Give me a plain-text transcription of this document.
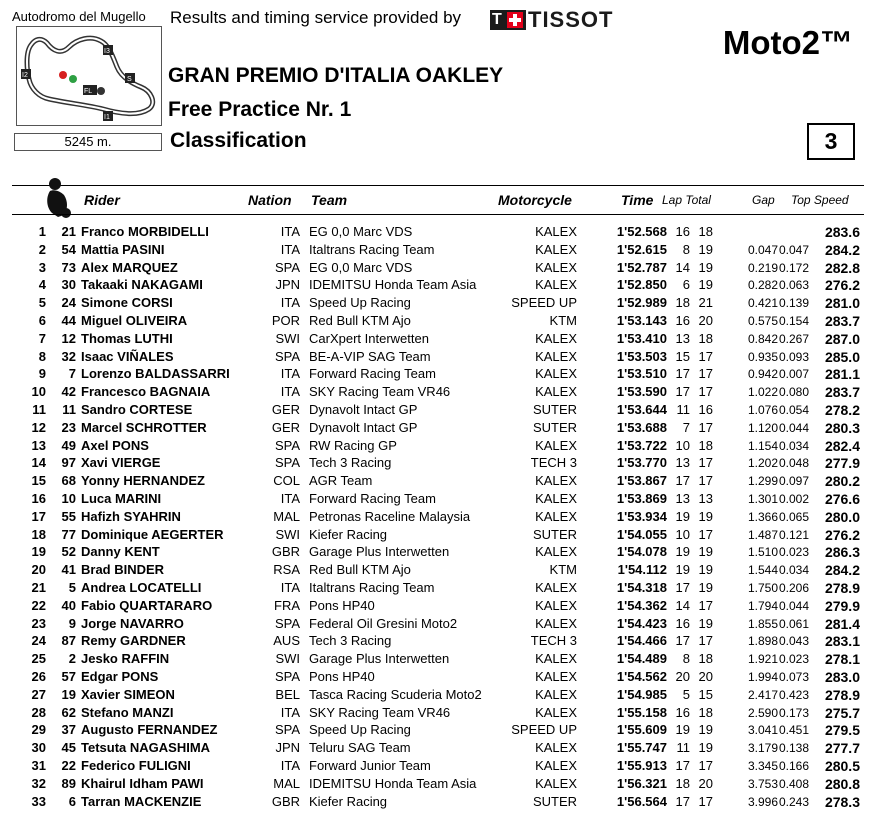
Autodromo del Mugello
I3
I2
S
FL
I1
5245 m.
Results and timing service provided by T TISSOT
Moto2™
GRAN PREMIO D'ITALIA OAKLEY
Free Practice Nr. 1
Classification	3
Rider	Nation Team	Motorcycle	Time Lap Total	Gap Top Speed
1	21 Franco MORBIDELLI	ITA EG 0,0 Marc VDS	KALEX	1'52.568 16 18	283.6
2	54 Mattia PASINI	ITA Italtrans Racing Team	KALEX	1'52.615	8 19	0.047 0.047	284.2
3	73 Alex MARQUEZ	SPA EG 0,0 Marc VDS	KALEX	1'52.787 14 19	0.219 0.172	282.8
4	30 Takaaki NAKAGAMI	JPN IDEMITSU Honda Team Asia	KALEX	1'52.850	6 19	0.282 0.063	276.2
5	24 Simone CORSI	ITA Speed Up Racing	SPEED UP	1'52.989 18 21	0.421 0.139	281.0
6	44 Miguel OLIVEIRA	POR Red Bull KTM Ajo	KTM	1'53.143 16 20	0.575 0.154	283.7
7	12 Thomas LUTHI	SWI CarXpert Interwetten	KALEX	1'53.410 13 18	0.842 0.267	287.0
8	32 Isaac VIÑALES	SPA BE-A-VIP SAG Team	KALEX	1'53.503 15 17	0.935 0.093	285.0
9	7 Lorenzo BALDASSARRI	ITA Forward Racing Team	KALEX	1'53.510 17 17	0.942 0.007	281.1
10	42 Francesco BAGNAIA	ITA SKY Racing Team VR46	KALEX	1'53.590 17 17	1.022 0.080	283.7
11	11 Sandro CORTESE	GER Dynavolt Intact GP	SUTER	1'53.644 11 16	1.076 0.054	278.2
12	23 Marcel SCHROTTER	GER Dynavolt Intact GP	SUTER	1'53.688	7 17	1.120 0.044	280.3
13	49 Axel PONS	SPA RW Racing GP	KALEX	1'53.722 10 18	1.154 0.034	282.4
14	97 Xavi VIERGE	SPA Tech 3 Racing	TECH 3	1'53.770 13 17	1.202 0.048	277.9
15	68 Yonny HERNANDEZ	COL AGR Team	KALEX	1'53.867 17 17	1.299 0.097	280.2
16	10 Luca MARINI	ITA Forward Racing Team	KALEX	1'53.869 13 13	1.301 0.002	276.6
17	55 Hafizh SYAHRIN	MAL Petronas Raceline Malaysia	KALEX	1'53.934 19 19	1.366 0.065	280.0
18	77 Dominique AEGERTER	SWI Kiefer Racing	SUTER	1'54.055 10 17	1.487 0.121	276.2
19	52 Danny KENT	GBR Garage Plus Interwetten	KALEX	1'54.078 19 19	1.510 0.023	286.3
20	41 Brad BINDER	RSA Red Bull KTM Ajo	KTM	1'54.112 19 19	1.544 0.034	284.2
21	5 Andrea LOCATELLI	ITA Italtrans Racing Team	KALEX	1'54.318 17 19	1.750 0.206	278.9
22	40 Fabio QUARTARARO	FRA Pons HP40	KALEX	1'54.362 14 17	1.794 0.044	279.9
23	9 Jorge NAVARRO	SPA Federal Oil Gresini Moto2	KALEX	1'54.423 16 19	1.855 0.061	281.4
24	87 Remy GARDNER	AUS Tech 3 Racing	TECH 3	1'54.466 17 17	1.898 0.043	283.1
25	2 Jesko RAFFIN	SWI Garage Plus Interwetten	KALEX	1'54.489	8 18	1.921 0.023	278.1
26	57 Edgar PONS	SPA Pons HP40	KALEX	1'54.562 20 20	1.994 0.073	283.0
27	19 Xavier SIMEON	BEL Tasca Racing Scuderia Moto2	KALEX	1'54.985	5 15	2.417 0.423	278.9
28	62 Stefano MANZI	ITA SKY Racing Team VR46	KALEX	1'55.158 16 18	2.590 0.173	275.7
29	37 Augusto FERNANDEZ	SPA Speed Up Racing	SPEED UP	1'55.609 19 19	3.041 0.451	279.5
30	45 Tetsuta NAGASHIMA	JPN Teluru SAG Team	KALEX	1'55.747 11 19	3.179 0.138	277.7
31	22 Federico FULIGNI	ITA Forward Junior Team	KALEX	1'55.913 17 17	3.345 0.166	280.5
32	89 Khairul Idham PAWI	MAL IDEMITSU Honda Team Asia	KALEX	1'56.321 18 20	3.753 0.408	280.8
33	6 Tarran MACKENZIE	GBR Kiefer Racing	SUTER	1'56.564 17 17	3.996 0.243	278.3
